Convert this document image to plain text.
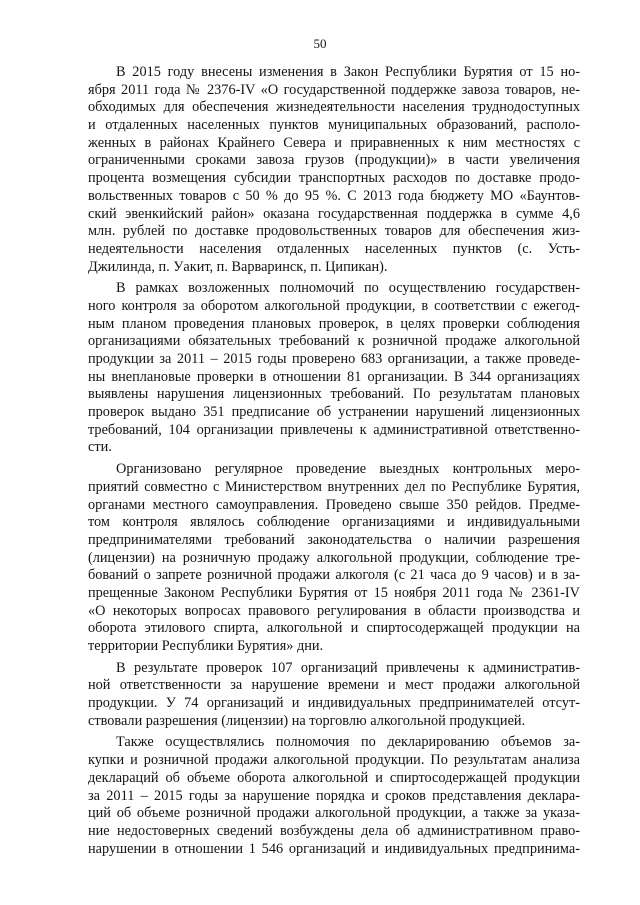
50
В 2015 году внесены изменения в Закон Республики Бурятия от 15 но-
ября 2011 года № 2376-IV «О государственной поддержке завоза товаров, не-
обходимых для обеспечения жизнедеятельности населения труднодоступных
и отдаленных населенных пунктов муниципальных образований, располо-
женных в районах Крайнего Севера и приравненных к ним местностях с
ограниченными сроками завоза грузов (продукции)» в части увеличения
процента возмещения субсидии транспортных расходов по доставке продо-
вольственных товаров с 50 % до 95 %. С 2013 года бюджету МО «Баунтов-
ский эвенкийский район» оказана государственная поддержка в сумме 4,6
млн. рублей по доставке продовольственных товаров для обеспечения жиз-
недеятельности населения отдаленных населенных пунктов (с. Усть-
Джилинда, п. Уакит, п. Варваринск, п. Ципикан).
В рамках возложенных полномочий по осуществлению государствен-
ного контроля за оборотом алкогольной продукции, в соответствии с ежегод-
ным планом проведения плановых проверок, в целях проверки соблюдения
организациями обязательных требований к розничной продаже алкогольной
продукции за 2011 – 2015 годы проверено 683 организации, а также проведе-
ны внеплановые проверки в отношении 81 организации. В 344 организациях
выявлены нарушения лицензионных требований. По результатам плановых
проверок выдано 351 предписание об устранении нарушений лицензионных
требований, 104 организации привлечены к административной ответственно-
сти.
Организовано регулярное проведение выездных контрольных меро-
приятий совместно с Министерством внутренних дел по Республике Бурятия,
органами местного самоуправления. Проведено свыше 350 рейдов. Предме-
том контроля являлось соблюдение организациями и индивидуальными
предпринимателями требований законодательства о наличии разрешения
(лицензии) на розничную продажу алкогольной продукции, соблюдение тре-
бований о запрете розничной продажи алкоголя (с 21 часа до 9 часов) и в за-
прещенные Законом Республики Бурятия от 15 ноября 2011 года № 2361-IV
«О некоторых вопросах правового регулирования в области производства и
оборота этилового спирта, алкогольной и спиртосодержащей продукции на
территории Республики Бурятия» дни.
В результате проверок 107 организаций привлечены к административ-
ной ответственности за нарушение времени и мест продажи алкогольной
продукции. У 74 организаций и индивидуальных предпринимателей отсут-
ствовали разрешения (лицензии) на торговлю алкогольной продукцией.
Также осуществлялись полномочия по декларированию объемов за-
купки и розничной продажи алкогольной продукции. По результатам анализа
деклараций об объеме оборота алкогольной и спиртосодержащей продукции
за 2011 – 2015 годы за нарушение порядка и сроков представления деклара-
ций об объеме розничной продажи алкогольной продукции, а также за указа-
ние недостоверных сведений возбуждены дела об административном право-
нарушении в отношении 1 546 организаций и индивидуальных предпринима-
